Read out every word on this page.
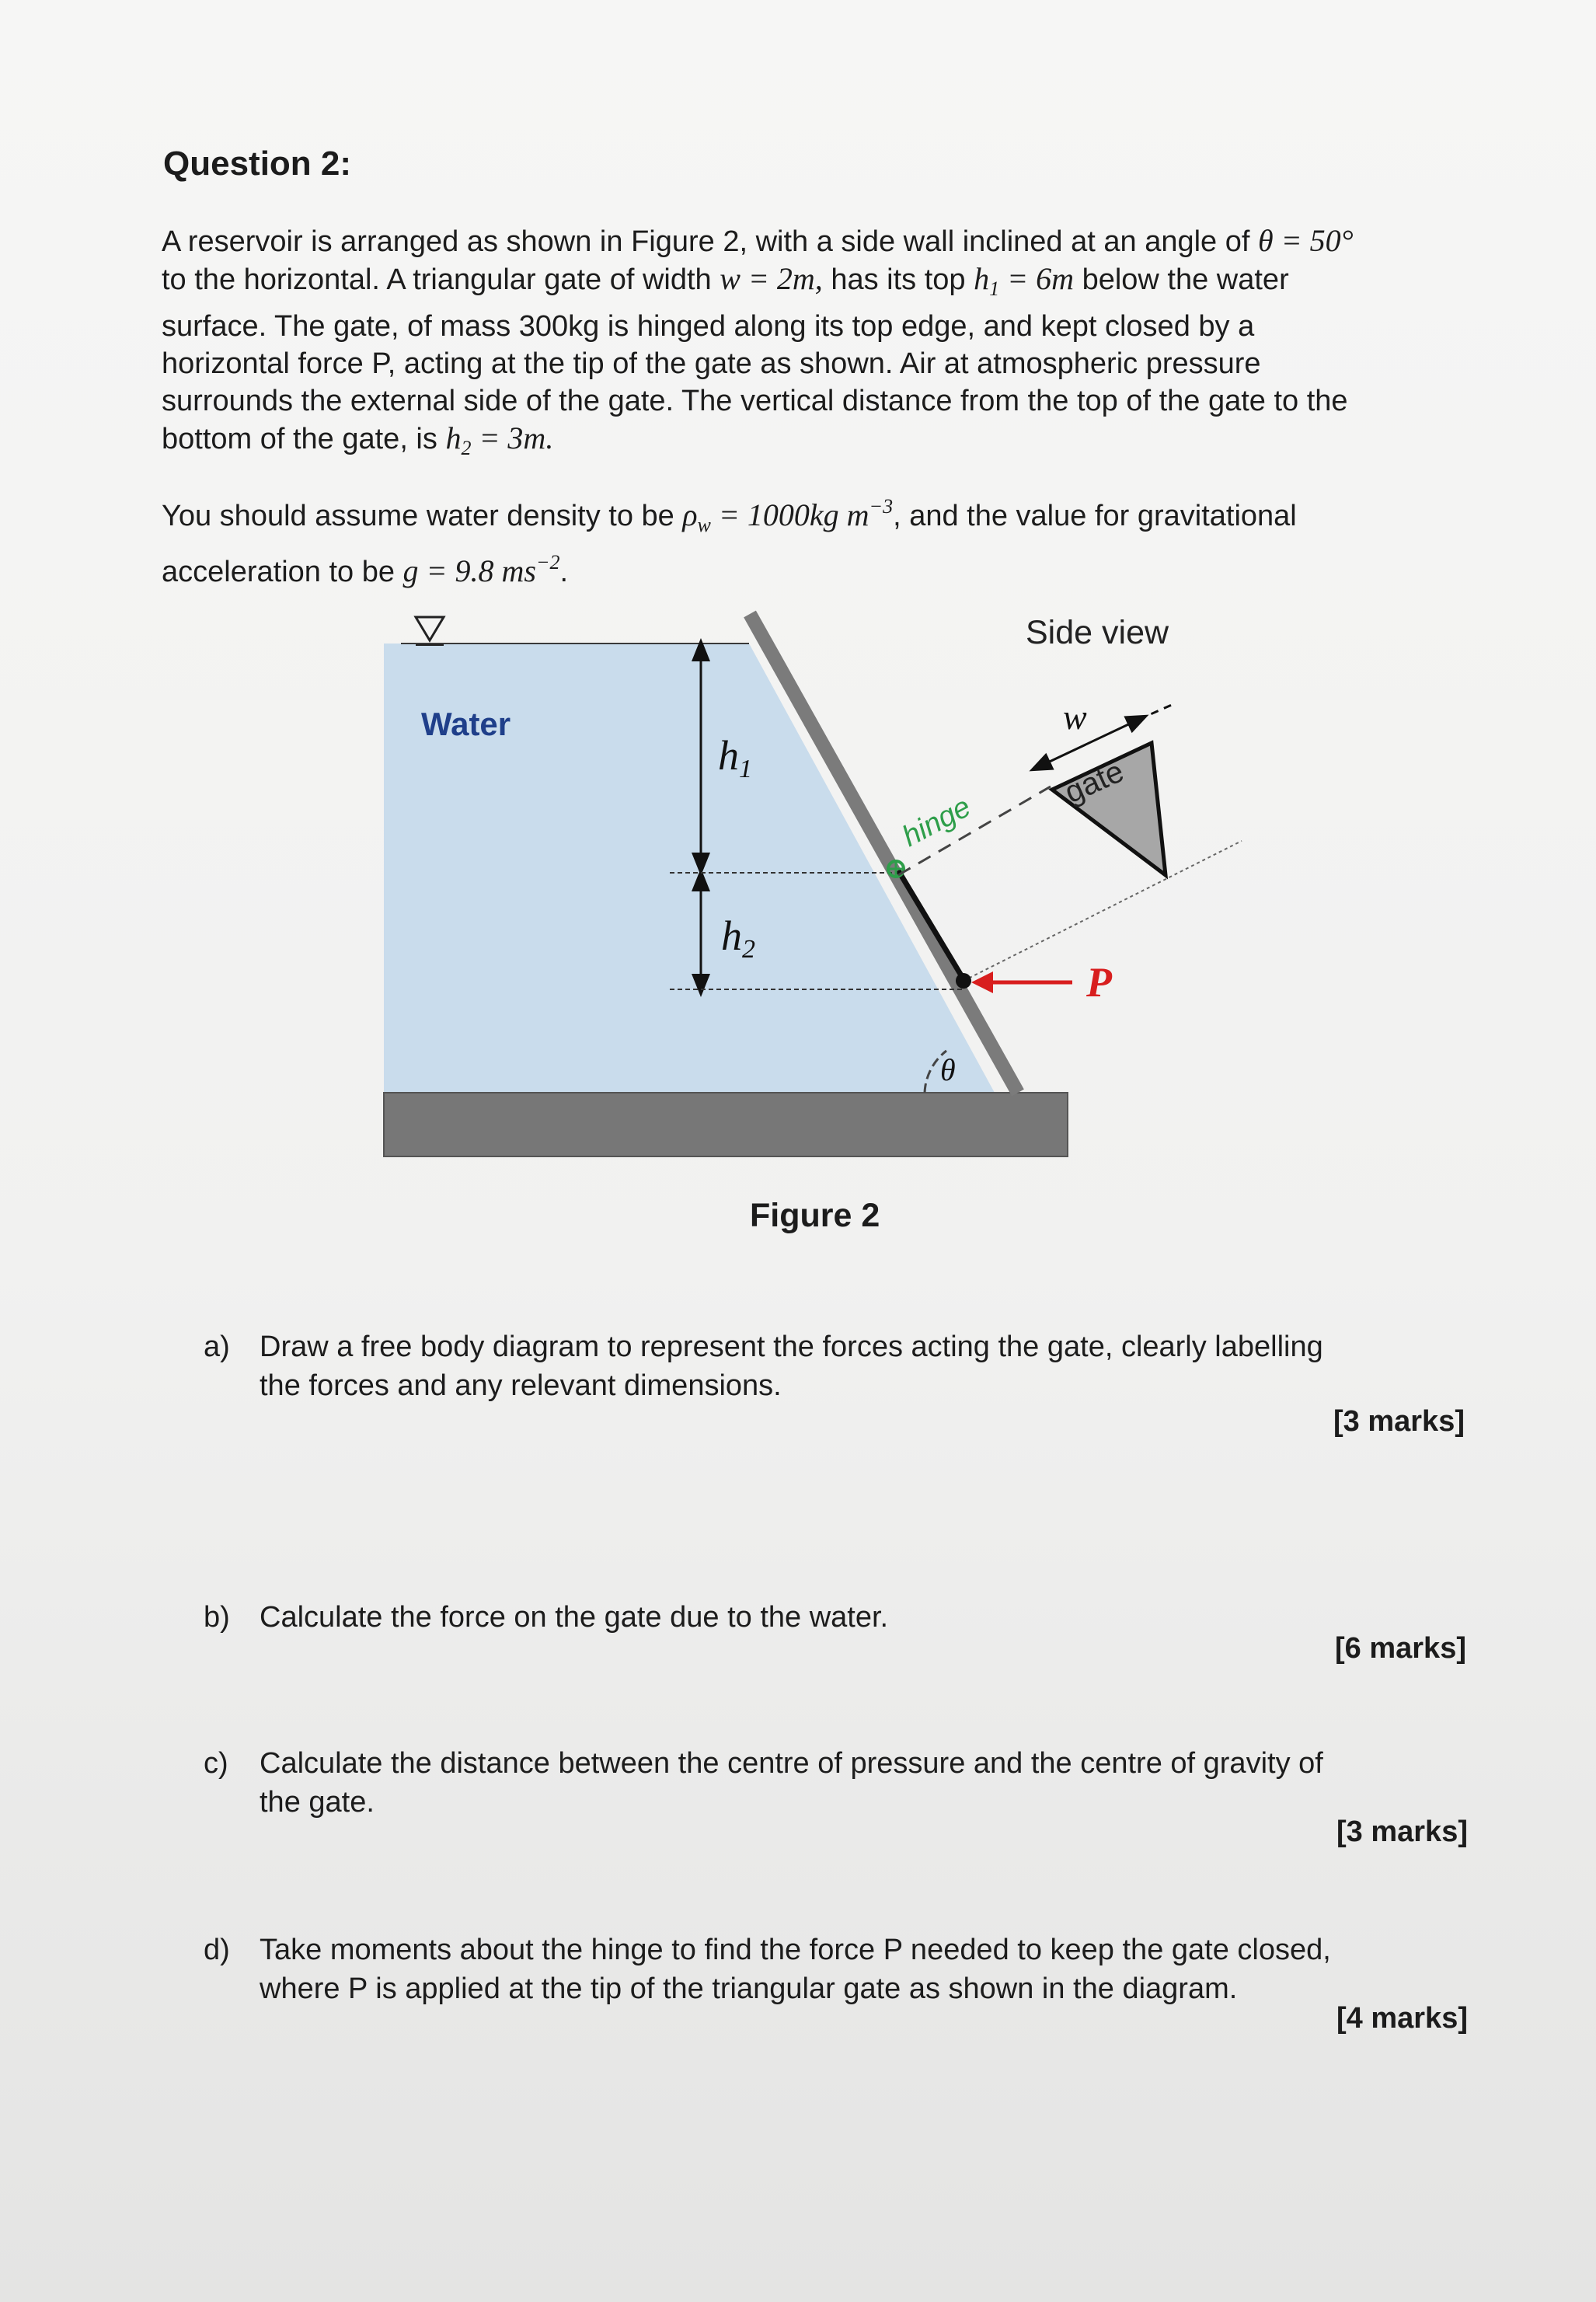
Question 2:

A reservoir is arranged as shown in Figure 2, with a side wall inclined at an angle of θ = 50°

to the horizontal. A triangular gate of width w = 2m, has its top $h_1 = 6m$ below the water

surface. The gate, of mass 300kg is hinged along its top edge, and kept closed by a

horizontal force P, acting at the tip of the gate as shown. Air at atmospheric pressure

surrounds the external side of the gate. The vertical distance from the top of the gate to the

bottom of the gate, is $h_2 = 3m$.

You should assume water density to be $\rho_w = 1000kg$ $m^{-3}$, and the value for gravitational

acceleration to be g = 9.8 $ms^{-2}$.

Water
h1
h2
hinge
Side view
w
gate
P
θ
Figure 2
a) Draw a free body diagram to represent the forces acting the gate, clearly labelling
the forces and any relevant dimensions.
[3 marks]
b) Calculate the force on the gate due to the water.
[6 marks]
c) Calculate the distance between the centre of pressure and the centre of gravity of
the gate.
[3 marks]
d) Take moments about the hinge to find the force P needed to keep the gate closed,
where P is applied at the tip of the triangular gate as shown in the diagram.
[4 marks]
